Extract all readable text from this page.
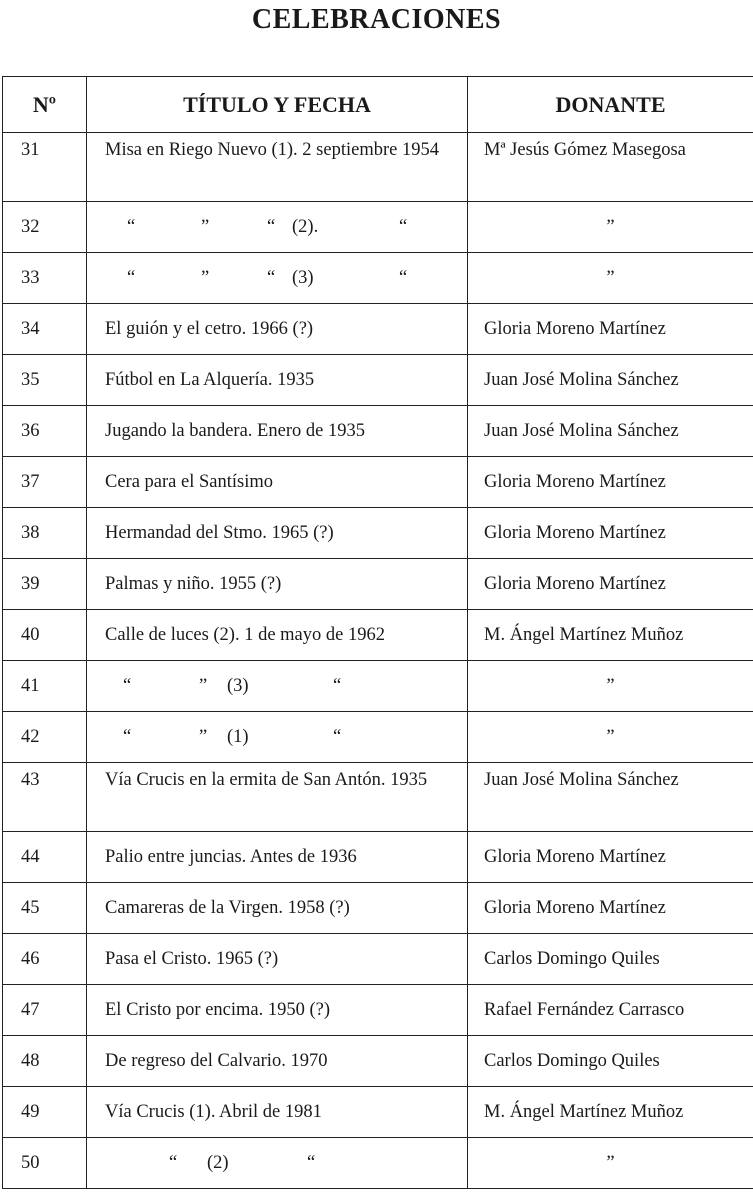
CELEBRACIONES
Nº	TÍTULO Y FECHA	DONANTE
31	Misa en Riego Nuevo (1). 2 septiembre 1954	Mª Jesús Gómez Masegosa
32	“ ” “ (2). “	”
33	“ ” “ (3) “	”
34	El guión y el cetro. 1966 (?)	Gloria Moreno Martínez
35	Fútbol en La Alquería. 1935	Juan José Molina Sánchez
36	Jugando la bandera. Enero de 1935	Juan José Molina Sánchez
37	Cera para el Santísimo	Gloria Moreno Martínez
38	Hermandad del Stmo. 1965 (?)	Gloria Moreno Martínez
39	Palmas y niño. 1955 (?)	Gloria Moreno Martínez
40	Calle de luces (2). 1 de mayo de 1962	M. Ángel Martínez Muñoz
41	“ ” (3) “	”
42	“ ” (1) “	”
43	Vía Crucis en la ermita de San Antón. 1935	Juan José Molina Sánchez
44	Palio entre juncias. Antes de 1936	Gloria Moreno Martínez
45	Camareras de la Virgen. 1958 (?)	Gloria Moreno Martínez
46	Pasa el Cristo. 1965 (?)	Carlos Domingo Quiles
47	El Cristo por encima. 1950 (?)	Rafael Fernández Carrasco
48	De regreso del Calvario. 1970	Carlos Domingo Quiles
49	Vía Crucis (1). Abril de 1981	M. Ángel Martínez Muñoz
50	“ (2) “	”
